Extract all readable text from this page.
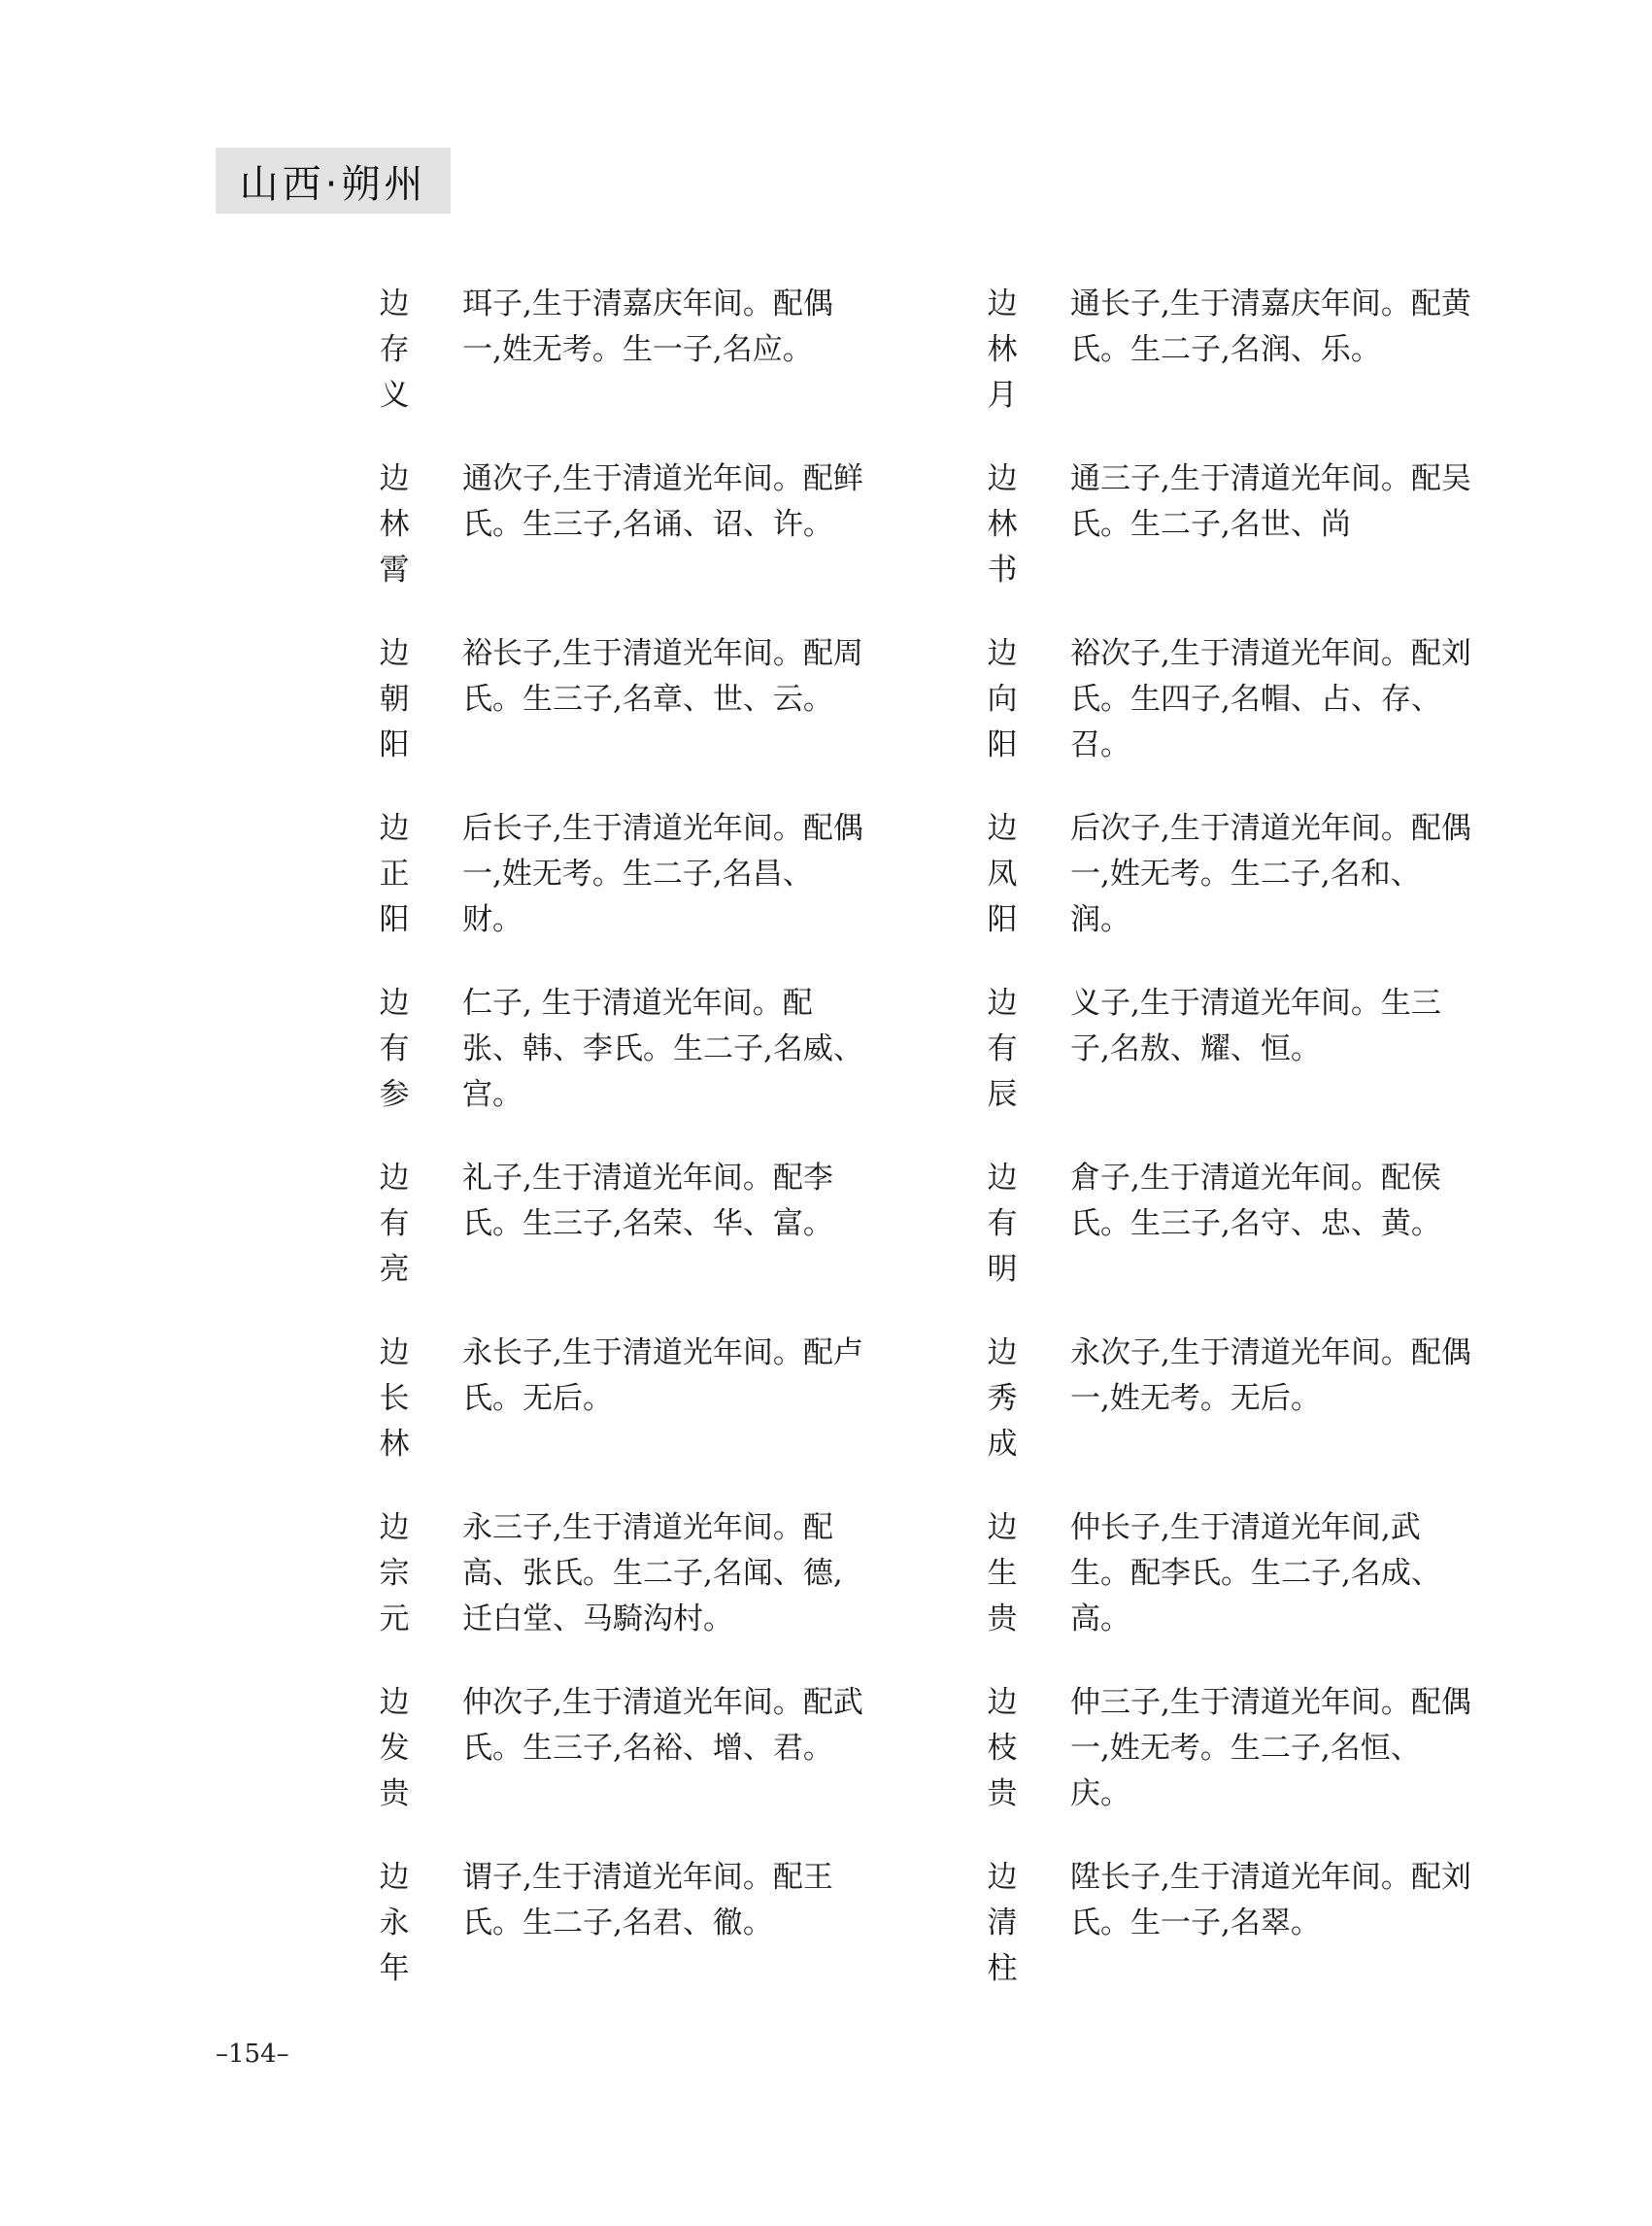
山西·朔州
边
存
义
珥子,生于清嘉庆年间。配偶一,姓无考。生一子,名应。
边
林
月
通长子,生于清嘉庆年间。配黄氏。生二子,名润、乐。
边
林
霄
通次子,生于清道光年间。配鲜氏。生三子,名诵、诏、许。
边
林
书
通三子,生于清道光年间。配吴氏。生二子,名世、尚
边
朝
阳
裕长子,生于清道光年间。配周氏。生三子,名章、世、云。
边
向
阳
裕次子,生于清道光年间。配刘氏。生四子,名帽、占、存、召。
边
正
阳
后长子,生于清道光年间。配偶一,姓无考。生二子,名昌、财。
边
凤
阳
后次子,生于清道光年间。配偶一,姓无考。生二子,名和、润。
边
有
参
仁子, 生于清道光年间。配张、韩、李氏。生二子,名威、宫。
边
有
辰
义子,生于清道光年间。生三子,名敖、耀、恒。
边
有
亮
礼子,生于清道光年间。配李氏。生三子,名荣、华、富。
边
有
明
倉子,生于清道光年间。配侯氏。生三子,名守、忠、黄。
边
长
林
永长子,生于清道光年间。配卢氏。无后。
边
秀
成
永次子,生于清道光年间。配偶一,姓无考。无后。
边
宗
元
永三子,生于清道光年间。配高、张氏。生二子,名闻、德,迁白堂、马騎沟村。
边
生
贵
仲长子,生于清道光年间,武生。配李氏。生二子,名成、高。
边
发
贵
仲次子,生于清道光年间。配武氏。生三子,名裕、增、君。
边
枝
贵
仲三子,生于清道光年间。配偶一,姓无考。生二子,名恒、庆。
边
永
年
谓子,生于清道光年间。配王氏。生二子,名君、徹。
边
清
柱
陞长子,生于清道光年间。配刘氏。生一子,名翠。
–154–
